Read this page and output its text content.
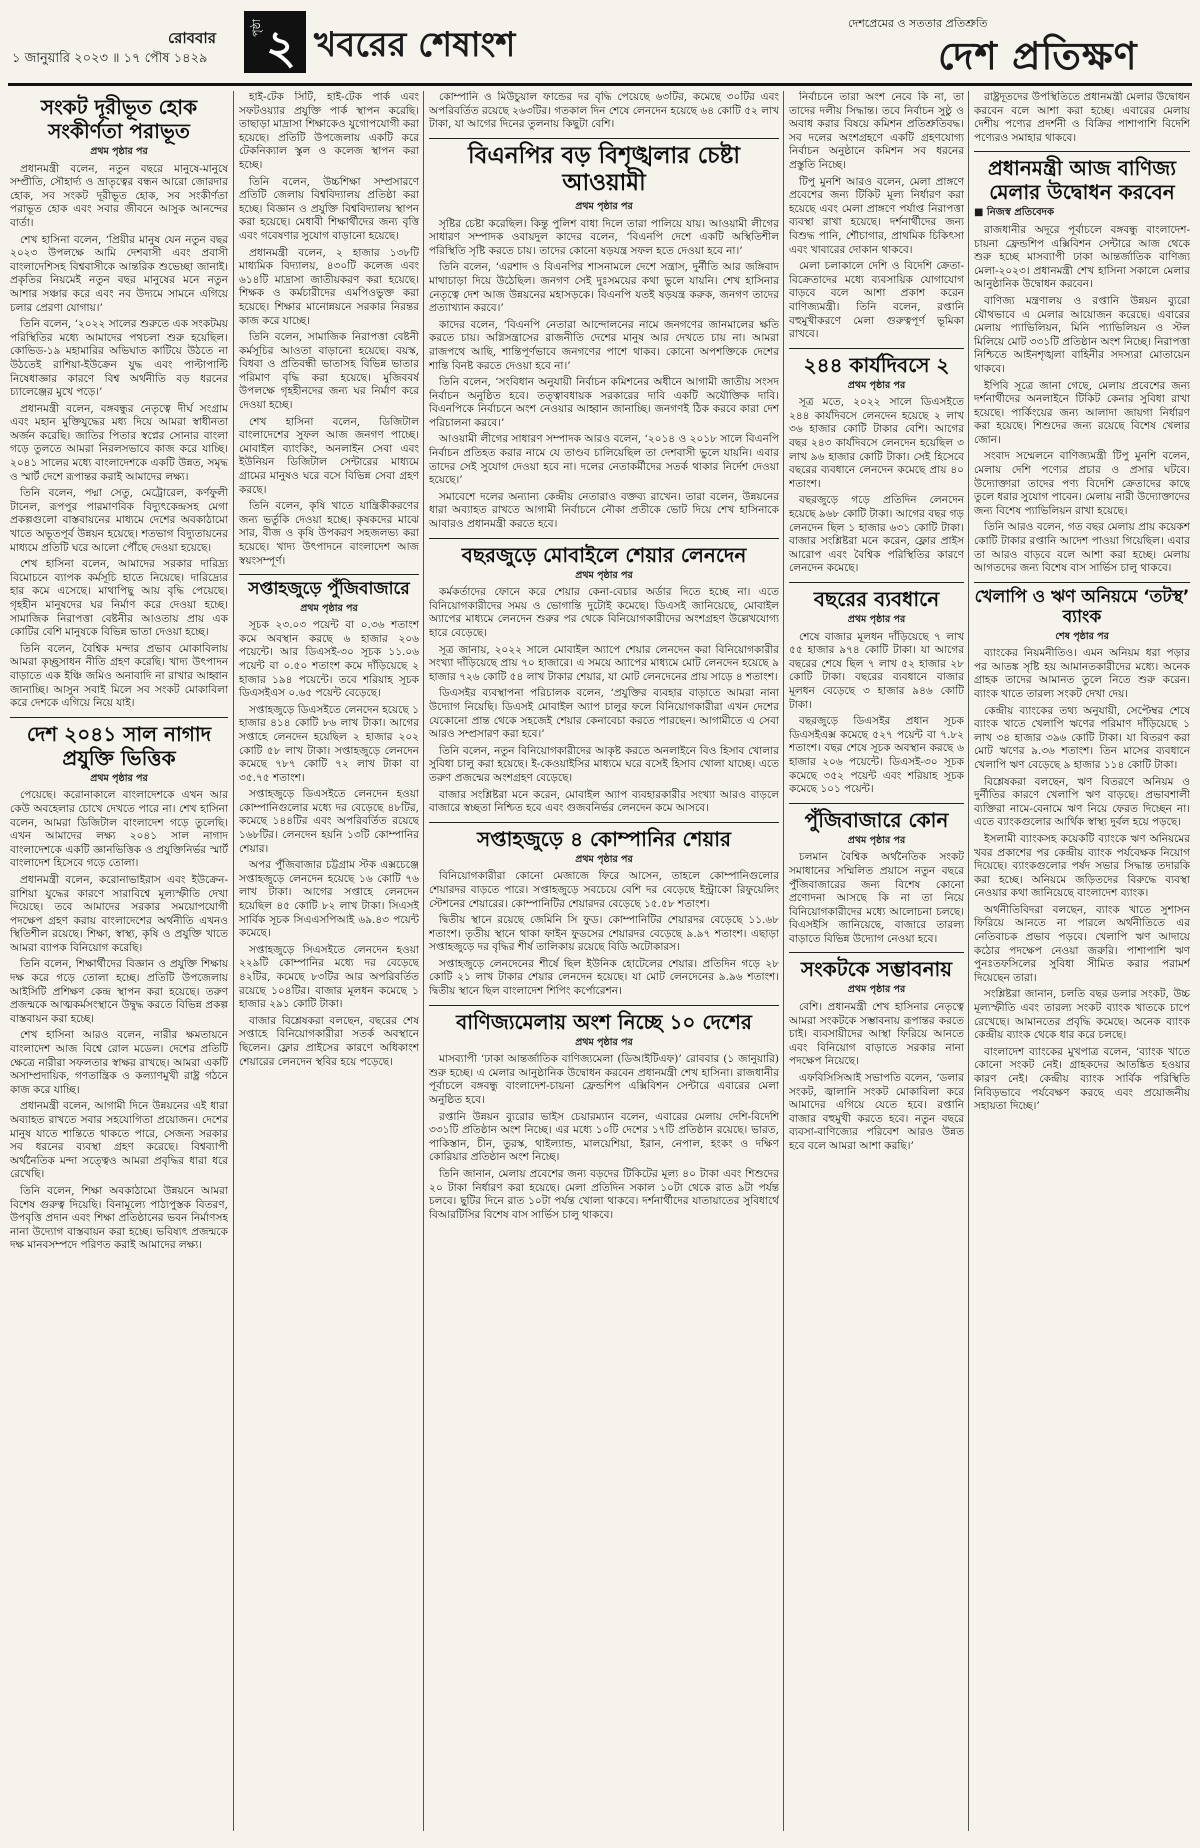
১ জানুয়ারি ২০২৩ ॥ ১৭ পৌষ ১৪২৯
রোববার
পৃষ্ঠা ২ খবরের শেষাংশ
দেশপ্রেমের ও সততার প্রতিশ্রুতি
দেশ প্রতিক্ষণ
সংকট দূরীভূত হোক সংকীর্ণতা পরাভূত
প্রথম পৃষ্ঠার পর

প্রধানমন্ত্রী বলেন, নতুন বছরে মানুষে-মানুষে সম্প্রীতি, সৌহার্দ্য ও ভ্রাতৃত্বের বন্ধন আরো জোরদার হোক, সব সংকট দূরীভূত হোক, সব সংকীর্ণতা পরাভূত হোক এবং সবার জীবনে আসুক আনন্দের বার্তা।

শেখ হাসিনা বলেন, ‘প্রিয়ীর মানুষ যেন নতুন বছর ২০২৩ উপলক্ষে আমি দেশবাসী এবং প্রবাসী বাংলাদেশিসহ বিশ্ববাসীকে আন্তরিক শুভেচ্ছা জানাই। প্রকৃতির নিয়মেই নতুন বছর মানুষের মনে নতুন আশার সঞ্চার করে এবং নব উদ্যমে সামনে এগিয়ে চলার প্রেরণা যোগায়।’

তিনি বলেন, ‘২০২২ সালের শুরুতে এক সংকটময় পরিস্থিতির মধ্যে আমাদের পথচলা শুরু হয়েছিল। কোভিড-১৯ মহামারির অভিঘাত কাটিয়ে উঠতে না উঠতেই রাশিয়া-ইউক্রেন যুদ্ধ এবং পাল্টাপাল্টি নিষেধাজ্ঞার কারণে বিশ্ব অর্থনীতি বড় ধরনের চ্যালেঞ্জের মুখে পড়ে।’

প্রধানমন্ত্রী বলেন, বঙ্গবন্ধুর নেতৃত্বে দীর্ঘ সংগ্রাম এবং মহান মুক্তিযুদ্ধের মধ্য দিয়ে আমরা স্বাধীনতা অর্জন করেছি। জাতির পিতার স্বপ্নের সোনার বাংলা গড়ে তুলতে আমরা নিরলসভাবে কাজ করে যাচ্ছি। ২০৪১ সালের মধ্যে বাংলাদেশকে একটি উন্নত, সমৃদ্ধ ও স্মার্ট দেশে রূপান্তর করাই আমাদের লক্ষ্য।

তিনি বলেন, পদ্মা সেতু, মেট্রোরেল, কর্ণফুলী টানেল, রূপপুর পারমাণবিক বিদ্যুৎকেন্দ্রসহ মেগা প্রকল্পগুলো বাস্তবায়নের মাধ্যমে দেশের অবকাঠামো খাতে অভূতপূর্ব উন্নয়ন হয়েছে। শতভাগ বিদ্যুতায়নের মাধ্যমে প্রতিটি ঘরে আলো পৌঁছে দেওয়া হয়েছে।

শেখ হাসিনা বলেন, আমাদের সরকার দারিদ্র্য বিমোচনে ব্যাপক কর্মসূচি হাতে নিয়েছে। দারিদ্র্যের হার কমে এসেছে। মাথাপিছু আয় বৃদ্ধি পেয়েছে। গৃহহীন মানুষদের ঘর নির্মাণ করে দেওয়া হচ্ছে। সামাজিক নিরাপত্তা বেষ্টনীর আওতায় প্রায় এক কোটির বেশি মানুষকে বিভিন্ন ভাতা দেওয়া হচ্ছে।

তিনি বলেন, বৈশ্বিক মন্দার প্রভাব মোকাবিলায় আমরা কৃচ্ছ্রসাধন নীতি গ্রহণ করেছি। খাদ্য উৎপাদন বাড়াতে এক ইঞ্চি জমিও অনাবাদি না রাখার আহ্বান জানাচ্ছি। আসুন সবাই মিলে সব সংকট মোকাবিলা করে দেশকে এগিয়ে নিয়ে যাই।

দেশ ২০৪১ সাল নাগাদ প্রযুক্তি ভিত্তিক
প্রথম পৃষ্ঠার পর

পেয়েছে। করোনাকালে বাংলাদেশকে এখন আর কেউ অবহেলার চোখে দেখতে পারে না। শেখ হাসিনা বলেন, আমরা ডিজিটাল বাংলাদেশ গড়ে তুলেছি। এখন আমাদের লক্ষ্য ২০৪১ সাল নাগাদ বাংলাদেশকে একটি জ্ঞানভিত্তিক ও প্রযুক্তিনির্ভর স্মার্ট বাংলাদেশ হিসেবে গড়ে তোলা।

প্রধানমন্ত্রী বলেন, করোনাভাইরাস এবং ইউক্রেন-রাশিয়া যুদ্ধের কারণে সারাবিশ্বে মূল্যস্ফীতি দেখা দিয়েছে। তবে আমাদের সরকার সময়োপযোগী পদক্ষেপ গ্রহণ করায় বাংলাদেশের অর্থনীতি এখনও স্থিতিশীল রয়েছে। শিক্ষা, স্বাস্থ্য, কৃষি ও প্রযুক্তি খাতে আমরা ব্যাপক বিনিয়োগ করেছি।

তিনি বলেন, শিক্ষার্থীদের বিজ্ঞান ও প্রযুক্তি শিক্ষায় দক্ষ করে গড়ে তোলা হচ্ছে। প্রতিটি উপজেলায় আইসিটি প্রশিক্ষণ কেন্দ্র স্থাপন করা হয়েছে। তরুণ প্রজন্মকে আত্মকর্মসংস্থানে উদ্বুদ্ধ করতে বিভিন্ন প্রকল্প বাস্তবায়ন করা হচ্ছে।

শেখ হাসিনা আরও বলেন, নারীর ক্ষমতায়নে বাংলাদেশ আজ বিশ্বে রোল মডেল। দেশের প্রতিটি ক্ষেত্রে নারীরা সফলতার স্বাক্ষর রাখছে। আমরা একটি অসাম্প্রদায়িক, গণতান্ত্রিক ও কল্যাণমুখী রাষ্ট্র গঠনে কাজ করে যাচ্ছি।

প্রধানমন্ত্রী বলেন, আগামী দিনে উন্নয়নের এই ধারা অব্যাহত রাখতে সবার সহযোগিতা প্রয়োজন। দেশের মানুষ যাতে শান্তিতে থাকতে পারে, সেজন্য সরকার সব ধরনের ব্যবস্থা গ্রহণ করেছে। বিশ্বব্যাপী অর্থনৈতিক মন্দা সত্ত্বেও আমরা প্রবৃদ্ধির ধারা ধরে রেখেছি।

তিনি বলেন, শিক্ষা অবকাঠামো উন্নয়নে আমরা বিশেষ গুরুত্ব দিয়েছি। বিনামূল্যে পাঠ্যপুস্তক বিতরণ, উপবৃত্তি প্রদান এবং শিক্ষা প্রতিষ্ঠানের ভবন নির্মাণসহ নানা উদ্যোগ বাস্তবায়ন করা হচ্ছে। ভবিষ্যৎ প্রজন্মকে দক্ষ মানবসম্পদে পরিণত করাই আমাদের লক্ষ্য।

হাই-টেক সিটি, হাই-টেক পার্ক এবং সফটওয়্যার প্রযুক্তি পার্ক স্থাপন করেছি। তাছাড়া মাদ্রাসা শিক্ষাকেও যুগোপযোগী করা হয়েছে। প্রতিটি উপজেলায় একটি করে টেকনিক্যাল স্কুল ও কলেজ স্থাপন করা হচ্ছে।

তিনি বলেন, উচ্চশিক্ষা সম্প্রসারণে প্রতিটি জেলায় বিশ্ববিদ্যালয় প্রতিষ্ঠা করা হচ্ছে। বিজ্ঞান ও প্রযুক্তি বিশ্ববিদ্যালয় স্থাপন করা হয়েছে। মেধাবী শিক্ষার্থীদের জন্য বৃত্তি এবং গবেষণার সুযোগ বাড়ানো হয়েছে।

প্রধানমন্ত্রী বলেন, ২ হাজার ১৩৮টি মাধ্যমিক বিদ্যালয়, ৪৩০টি কলেজ এবং ৬১৪টি মাদ্রাসা জাতীয়করণ করা হয়েছে। শিক্ষক ও কর্মচারীদের এমপিওভুক্ত করা হয়েছে। শিক্ষার মানোন্নয়নে সরকার নিরন্তর কাজ করে যাচ্ছে।

তিনি বলেন, সামাজিক নিরাপত্তা বেষ্টনী কর্মসূচির আওতা বাড়ানো হয়েছে। বয়স্ক, বিধবা ও প্রতিবন্ধী ভাতাসহ বিভিন্ন ভাতার পরিমাণ বৃদ্ধি করা হয়েছে। মুজিববর্ষ উপলক্ষে গৃহহীনদের জন্য ঘর নির্মাণ করে দেওয়া হচ্ছে।

শেখ হাসিনা বলেন, ডিজিটাল বাংলাদেশের সুফল আজ জনগণ পাচ্ছে। মোবাইল ব্যাংকিং, অনলাইন সেবা এবং ইউনিয়ন ডিজিটাল সেন্টারের মাধ্যমে গ্রামের মানুষও ঘরে বসে বিভিন্ন সেবা গ্রহণ করছে।

তিনি বলেন, কৃষি খাতে যান্ত্রিকীকরণের জন্য ভর্তুকি দেওয়া হচ্ছে। কৃষকদের মাঝে সার, বীজ ও কৃষি উপকরণ সহজলভ্য করা হয়েছে। খাদ্য উৎপাদনে বাংলাদেশ আজ স্বয়ংসম্পূর্ণ।

সপ্তাহজুড়ে পুঁজিবাজারে
প্রথম পৃষ্ঠার পর

সূচক ২৩.০৩ পয়েন্ট বা ০.৩৬ শতাংশ কমে অবস্থান করছে ৬ হাজার ২০৬ পয়েন্টে। আর ডিএসই-৩০ সূচক ১১.০৬ পয়েন্ট বা ০.৫০ শতাংশ কমে দাঁড়িয়েছে ২ হাজার ১৯৪ পয়েন্টে। তবে শরিয়াহ সূচক ডিএসইএস ০.৬৫ পয়েন্ট বেড়েছে।

সপ্তাহজুড়ে ডিএসইতে লেনদেন হয়েছে ১ হাজার ৪১৪ কোটি ৮৬ লাখ টাকা। আগের সপ্তাহে লেনদেন হয়েছিল ২ হাজার ২০২ কোটি ৫৮ লাখ টাকা। সপ্তাহজুড়ে লেনদেন কমেছে ৭৮৭ কোটি ৭২ লাখ টাকা বা ৩৫.৭৫ শতাংশ।

সপ্তাহজুড়ে ডিএসইতে লেনদেন হওয়া কোম্পানিগুলোর মধ্যে দর বেড়েছে ৪৮টির, কমেছে ১৪৪টির এবং অপরিবর্তিত রয়েছে ১৬৮টির। লেনদেন হয়নি ১৩টি কোম্পানির শেয়ার।

অপর পুঁজিবাজার চট্টগ্রাম স্টক এক্সচেঞ্জে সপ্তাহজুড়ে লেনদেন হয়েছে ১৬ কোটি ৭৬ লাখ টাকা। আগের সপ্তাহে লেনদেন হয়েছিল ৪৫ কোটি ৮২ লাখ টাকা। সিএসই সার্বিক সূচক সিএএসপিআই ৬৯.৪৩ পয়েন্ট কমেছে।

সপ্তাহজুড়ে সিএসইতে লেনদেন হওয়া ২২৯টি কোম্পানির মধ্যে দর বেড়েছে ৪২টির, কমেছে ৮৩টির আর অপরিবর্তিত রয়েছে ১০৪টির। বাজার মূলধন কমেছে ১ হাজার ২৯১ কোটি টাকা।

বাজার বিশ্লেষকরা বলছেন, বছরের শেষ সপ্তাহে বিনিয়োগকারীরা সতর্ক অবস্থানে ছিলেন। ফ্লোর প্রাইসের কারণে অধিকাংশ শেয়ারের লেনদেন স্থবির হয়ে পড়েছে।

কোম্পানি ও মিউচুয়াল ফান্ডের দর বৃদ্ধি পেয়েছে ৬৩টির, কমেছে ৩০টির এবং অপরিবর্তিত রয়েছে ২৬৩টির। গতকাল দিন শেষে লেনদেন হয়েছে ৬৪ কোটি ৫২ লাখ টাকা, যা আগের দিনের তুলনায় কিছুটা বেশি।

বিএনপির বড় বিশৃঙ্খলার চেষ্টা আওয়ামী
প্রথম পৃষ্ঠার পর

সৃষ্টির চেষ্টা করেছিল। কিন্তু পুলিশ বাধা দিলে তারা পালিয়ে যায়। আওয়ামী লীগের সাধারণ সম্পাদক ওবায়দুল কাদের বলেন, ‘বিএনপি দেশে একটি অস্থিতিশীল পরিস্থিতি সৃষ্টি করতে চায়। তাদের কোনো ষড়যন্ত্র সফল হতে দেওয়া হবে না।’

তিনি বলেন, ‘এরশাদ ও বিএনপির শাসনামলে দেশে সন্ত্রাস, দুর্নীতি আর জঙ্গিবাদ মাথাচাড়া দিয়ে উঠেছিল। জনগণ সেই দুঃসময়ের কথা ভুলে যায়নি। শেখ হাসিনার নেতৃত্বে দেশ আজ উন্নয়নের মহাসড়কে। বিএনপি যতই ষড়যন্ত্র করুক, জনগণ তাদের প্রত্যাখ্যান করবে।’

কাদের বলেন, ‘বিএনপি নেতারা আন্দোলনের নামে জনগণের জানমালের ক্ষতি করতে চায়। অগ্নিসন্ত্রাসের রাজনীতি দেশের মানুষ আর দেখতে চায় না। আমরা রাজপথে আছি, শান্তিপূর্ণভাবে জনগণের পাশে থাকব। কোনো অপশক্তিকে দেশের শান্তি বিনষ্ট করতে দেওয়া হবে না।’

তিনি বলেন, ‘সংবিধান অনুযায়ী নির্বাচন কমিশনের অধীনে আগামী জাতীয় সংসদ নির্বাচন অনুষ্ঠিত হবে। তত্ত্বাবধায়ক সরকারের দাবি একটি অযৌক্তিক দাবি। বিএনপিকে নির্বাচনে অংশ নেওয়ার আহ্বান জানাচ্ছি। জনগণই ঠিক করবে কারা দেশ পরিচালনা করবে।’

আওয়ামী লীগের সাধারণ সম্পাদক আরও বলেন, ‘২০১৪ ও ২০১৮ সালে বিএনপি নির্বাচন প্রতিহত করার নামে যে তাণ্ডব চালিয়েছিল তা দেশবাসী ভুলে যায়নি। এবার তাদের সেই সুযোগ দেওয়া হবে না। দলের নেতাকর্মীদের সতর্ক থাকার নির্দেশ দেওয়া হয়েছে।’

সমাবেশে দলের অন্যান্য কেন্দ্রীয় নেতারাও বক্তব্য রাখেন। তারা বলেন, উন্নয়নের ধারা অব্যাহত রাখতে আগামী নির্বাচনে নৌকা প্রতীকে ভোট দিয়ে শেখ হাসিনাকে আবারও প্রধানমন্ত্রী করতে হবে।

বছরজুড়ে মোবাইলে শেয়ার লেনদেন
প্রথম পৃষ্ঠার পর

কর্মকর্তাদের ফোনে করে শেয়ার কেনা-বেচার অর্ডার দিতে হচ্ছে না। এতে বিনিয়োগকারীদের সময় ও ভোগান্তি দুটোই কমেছে। ডিএসই জানিয়েছে, মোবাইল অ্যাপের মাধ্যমে লেনদেন শুরুর পর থেকে বিনিয়োগকারীদের অংশগ্রহণ উল্লেখযোগ্য হারে বেড়েছে।

সূত্র জানায়, ২০২২ সালে মোবাইল অ্যাপে শেয়ার লেনদেন করা বিনিয়োগকারীর সংখ্যা দাঁড়িয়েছে প্রায় ৭০ হাজারে। এ সময়ে অ্যাপের মাধ্যমে মোট লেনদেন হয়েছে ৯ হাজার ৭২৬ কোটি ৫৪ লাখ টাকার শেয়ার, যা মোট লেনদেনের প্রায় সাড়ে ৪ শতাংশ।

ডিএসইর ব্যবস্থাপনা পরিচালক বলেন, ‘প্রযুক্তির ব্যবহার বাড়াতে আমরা নানা উদ্যোগ নিয়েছি। ডিএসই মোবাইল অ্যাপ চালুর ফলে বিনিয়োগকারীরা এখন দেশের যেকোনো প্রান্ত থেকে সহজেই শেয়ার কেনাবেচা করতে পারছেন। আগামীতে এ সেবা আরও সম্প্রসারণ করা হবে।’

তিনি বলেন, নতুন বিনিয়োগকারীদের আকৃষ্ট করতে অনলাইনে বিও হিসাব খোলার সুবিধা চালু করা হয়েছে। ই-কেওয়াইসির মাধ্যমে ঘরে বসেই হিসাব খোলা যাচ্ছে। এতে তরুণ প্রজন্মের অংশগ্রহণ বেড়েছে।

বাজার সংশ্লিষ্টরা মনে করেন, মোবাইল অ্যাপ ব্যবহারকারীর সংখ্যা আরও বাড়লে বাজারে স্বচ্ছতা নিশ্চিত হবে এবং গুজবনির্ভর লেনদেন কমে আসবে।

সপ্তাহজুড়ে ৪ কোম্পানির শেয়ার
প্রথম পৃষ্ঠার পর

বিনিয়োগকারীরা কোনো মেজাজে ফিরে আসেন, তাহলে কোম্পানিগুলোর শেয়ারদর বাড়তে পারে। সপ্তাহজুড়ে সবচেয়ে বেশি দর বেড়েছে ইন্ট্রাকো রিফুয়েলিং স্টেশনের শেয়ারের। কোম্পানিটির শেয়ারদর বেড়েছে ১৫.৫৮ শতাংশ।

দ্বিতীয় স্থানে রয়েছে জেমিনি সি ফুড। কোম্পানিটির শেয়ারদর বেড়েছে ১১.৬৮ শতাংশ। তৃতীয় স্থানে থাকা ফাইন ফুডসের শেয়ারদর বেড়েছে ৯.৯৭ শতাংশ। এছাড়া সপ্তাহজুড়ে দর বৃদ্ধির শীর্ষ তালিকায় রয়েছে বিডি অটোকারস।

সপ্তাহজুড়ে লেনদেনের শীর্ষে ছিল ইউনিক হোটেলের শেয়ার। প্রতিদিন গড়ে ২৮ কোটি ২১ লাখ টাকার শেয়ার লেনদেন হয়েছে। যা মোট লেনদেনের ৯.৯৬ শতাংশ। দ্বিতীয় স্থানে ছিল বাংলাদেশ শিপিং কর্পোরেশন।

বাণিজ্যমেলায় অংশ নিচ্ছে ১০ দেশের
প্রথম পৃষ্ঠার পর

মাসব্যাপী ‘ঢাকা আন্তর্জাতিক বাণিজ্যমেলা (ডিআইটিএফ)’ রোববার (১ জানুয়ারি) শুরু হচ্ছে। এ মেলার আনুষ্ঠানিক উদ্বোধন করবেন প্রধানমন্ত্রী শেখ হাসিনা। রাজধানীর পূর্বাচলে বঙ্গবন্ধু বাংলাদেশ-চায়না ফ্রেন্ডশিপ এক্সিবিশন সেন্টারে এবারের মেলা অনুষ্ঠিত হবে।

রপ্তানি উন্নয়ন ব্যুরোর ভাইস চেয়ারম্যান বলেন, এবারের মেলায় দেশি-বিদেশি ৩৩১টি প্রতিষ্ঠান অংশ নিচ্ছে। এর মধ্যে ১০টি দেশের ১৭টি প্রতিষ্ঠান রয়েছে। ভারত, পাকিস্তান, চীন, তুরস্ক, থাইল্যান্ড, মালয়েশিয়া, ইরান, নেপাল, হংকং ও দক্ষিণ কোরিয়ার প্রতিষ্ঠান অংশ নিচ্ছে।

তিনি জানান, মেলায় প্রবেশের জন্য বড়দের টিকিটের মূল্য ৪০ টাকা এবং শিশুদের ২০ টাকা নির্ধারণ করা হয়েছে। মেলা প্রতিদিন সকাল ১০টা থেকে রাত ৯টা পর্যন্ত চলবে। ছুটির দিনে রাত ১০টা পর্যন্ত খোলা থাকবে। দর্শনার্থীদের যাতায়াতের সুবিধার্থে বিআরটিসির বিশেষ বাস সার্ভিস চালু থাকবে।

নির্বাচনে তারা অংশ নেবে কি না, তা তাদের দলীয় সিদ্ধান্ত। তবে নির্বাচন সুষ্ঠু ও অবাধ করার বিষয়ে কমিশন প্রতিশ্রুতিবদ্ধ। সব দলের অংশগ্রহণে একটি গ্রহণযোগ্য নির্বাচন অনুষ্ঠানে কমিশন সব ধরনের প্রস্তুতি নিচ্ছে।

টিপু মুনশি আরও বলেন, মেলা প্রাঙ্গণে প্রবেশের জন্য টিকিট মূল্য নির্ধারণ করা হয়েছে এবং মেলা প্রাঙ্গণে পর্যাপ্ত নিরাপত্তা ব্যবস্থা রাখা হয়েছে। দর্শনার্থীদের জন্য বিশুদ্ধ পানি, শৌচাগার, প্রাথমিক চিকিৎসা এবং খাবারের দোকান থাকবে।

মেলা চলাকালে দেশি ও বিদেশি ক্রেতা-বিক্রেতাদের মধ্যে ব্যবসায়িক যোগাযোগ বাড়বে বলে আশা প্রকাশ করেন বাণিজ্যমন্ত্রী। তিনি বলেন, রপ্তানি বহুমুখীকরণে মেলা গুরুত্বপূর্ণ ভূমিকা রাখবে।

২৪৪ কার্যদিবসে ২
প্রথম পৃষ্ঠার পর

সূত্র মতে, ২০২২ সালে ডিএসইতে ২৪৪ কার্যদিবসে লেনদেন হয়েছে ২ লাখ ৩৬ হাজার কোটি টাকার বেশি। আগের বছর ২৪৩ কার্যদিবসে লেনদেন হয়েছিল ৩ লাখ ৯৬ হাজার কোটি টাকা। সেই হিসেবে বছরের ব্যবধানে লেনদেন কমেছে প্রায় ৪০ শতাংশ।

বছরজুড়ে গড়ে প্রতিদিন লেনদেন হয়েছে ৯৬৮ কোটি টাকা। আগের বছর গড় লেনদেন ছিল ১ হাজার ৬৩১ কোটি টাকা। বাজার সংশ্লিষ্টরা মনে করেন, ফ্লোর প্রাইস আরোপ এবং বৈশ্বিক পরিস্থিতির কারণে লেনদেন কমেছে।

বছরের ব্যবধানে
প্রথম পৃষ্ঠার পর

শেষে বাজার মূলধন দাঁড়িয়েছে ৭ লাখ ৫৫ হাজার ৯৭৪ কোটি টাকা। যা আগের বছরের শেষে ছিল ৭ লাখ ৫২ হাজার ২৮ কোটি টাকা। বছরের ব্যবধানে বাজার মূলধন বেড়েছে ৩ হাজার ৯৪৬ কোটি টাকা।

বছরজুড়ে ডিএসইর প্রধান সূচক ডিএসইএক্স কমেছে ৫২৭ পয়েন্ট বা ৭.৮২ শতাংশ। বছর শেষে সূচক অবস্থান করছে ৬ হাজার ২০৬ পয়েন্টে। ডিএসই-৩০ সূচক কমেছে ৩৫২ পয়েন্ট এবং শরিয়াহ সূচক কমেছে ১০১ পয়েন্ট।

পুঁজিবাজারে কোন
প্রথম পৃষ্ঠার পর

চলমান বৈশ্বিক অর্থনৈতিক সংকট সমাধানের সম্মিলিত প্রয়াসে নতুন বছরে পুঁজিবাজারের জন্য বিশেষ কোনো প্রণোদনা আসছে কি না তা নিয়ে বিনিয়োগকারীদের মধ্যে আলোচনা চলছে। বিএসইসি জানিয়েছে, বাজারে তারল্য বাড়াতে বিভিন্ন উদ্যোগ নেওয়া হবে।

সংকটকে সম্ভাবনায়
প্রথম পৃষ্ঠার পর

বেশি। প্রধানমন্ত্রী শেখ হাসিনার নেতৃত্বে আমরা সংকটকে সম্ভাবনায় রূপান্তর করতে চাই। ব্যবসায়ীদের আস্থা ফিরিয়ে আনতে এবং বিনিয়োগ বাড়াতে সরকার নানা পদক্ষেপ নিয়েছে।

এফবিসিসিআই সভাপতি বলেন, ‘ডলার সংকট, জ্বালানি সংকট মোকাবিলা করে আমাদের এগিয়ে যেতে হবে। রপ্তানি বাজার বহুমুখী করতে হবে। নতুন বছরে ব্যবসা-বাণিজ্যের পরিবেশ আরও উন্নত হবে বলে আমরা আশা করছি।’

রাষ্ট্রদূতদের উপস্থিতিতে প্রধানমন্ত্রী মেলার উদ্বোধন করবেন বলে আশা করা হচ্ছে। এবারের মেলায় দেশীয় পণ্যের প্রদর্শনী ও বিক্রির পাশাপাশি বিদেশি পণ্যেরও সমাহার থাকবে।

প্রধানমন্ত্রী আজ বাণিজ্য মেলার উদ্বোধন করবেন
■ নিজস্ব প্রতিবেদক

রাজধানীর অদূরে পূর্বাচলে বঙ্গবন্ধু বাংলাদেশ-চায়না ফ্রেন্ডশিপ এক্সিবিশন সেন্টারে আজ থেকে শুরু হচ্ছে মাসব্যাপী ঢাকা আন্তর্জাতিক বাণিজ্য মেলা-২০২৩। প্রধানমন্ত্রী শেখ হাসিনা সকালে মেলার আনুষ্ঠানিক উদ্বোধন করবেন।

বাণিজ্য মন্ত্রণালয় ও রপ্তানি উন্নয়ন ব্যুরো যৌথভাবে এ মেলার আয়োজন করেছে। এবারের মেলায় প্যাভিলিয়ন, মিনি প্যাভিলিয়ন ও স্টল মিলিয়ে মোট ৩৩১টি প্রতিষ্ঠান অংশ নিচ্ছে। নিরাপত্তা নিশ্চিতে আইনশৃঙ্খলা বাহিনীর সদস্যরা মোতায়েন থাকবে।

ইপিবি সূত্রে জানা গেছে, মেলায় প্রবেশের জন্য দর্শনার্থীদের অনলাইনে টিকিট কেনার সুবিধা রাখা হয়েছে। পার্কিংয়ের জন্য আলাদা জায়গা নির্ধারণ করা হয়েছে। শিশুদের জন্য রয়েছে বিশেষ খেলার জোন।

সংবাদ সম্মেলনে বাণিজ্যমন্ত্রী টিপু মুনশি বলেন, মেলায় দেশি পণ্যের প্রচার ও প্রসার ঘটবে। উদ্যোক্তারা তাদের পণ্য বিদেশি ক্রেতাদের কাছে তুলে ধরার সুযোগ পাবেন। মেলায় নারী উদ্যোক্তাদের জন্য বিশেষ প্যাভিলিয়ন রাখা হয়েছে।

তিনি আরও বলেন, গত বছর মেলায় প্রায় কয়েকশ কোটি টাকার রপ্তানি আদেশ পাওয়া গিয়েছিল। এবার তা আরও বাড়বে বলে আশা করা হচ্ছে। মেলায় আগতদের জন্য বিশেষ বাস সার্ভিস চালু থাকবে।

খেলাপি ও ঋণ অনিয়মে ‘তটস্থ’ ব্যাংক
শেষ পৃষ্ঠার পর

ব্যাংকের নিয়মনীতিও। এমন অনিয়ম ধরা পড়ার পর আতঙ্ক সৃষ্টি হয় আমানতকারীদের মধ্যে। অনেক গ্রাহক তাদের আমানত তুলে নিতে শুরু করেন। ব্যাংক খাতে তারল্য সংকট দেখা দেয়।

কেন্দ্রীয় ব্যাংকের তথ্য অনুযায়ী, সেপ্টেম্বর শেষে ব্যাংক খাতে খেলাপি ঋণের পরিমাণ দাঁড়িয়েছে ১ লাখ ৩৪ হাজার ৩৯৬ কোটি টাকা। যা বিতরণ করা মোট ঋণের ৯.৩৬ শতাংশ। তিন মাসের ব্যবধানে খেলাপি ঋণ বেড়েছে ৯ হাজার ১১৪ কোটি টাকা।

বিশ্লেষকরা বলছেন, ঋণ বিতরণে অনিয়ম ও দুর্নীতির কারণে খেলাপি ঋণ বাড়ছে। প্রভাবশালী ব্যক্তিরা নামে-বেনামে ঋণ নিয়ে ফেরত দিচ্ছেন না। এতে ব্যাংকগুলোর আর্থিক স্বাস্থ্য দুর্বল হয়ে পড়ছে।

ইসলামী ব্যাংকসহ কয়েকটি ব্যাংকে ঋণ অনিয়মের খবর প্রকাশের পর কেন্দ্রীয় ব্যাংক পর্যবেক্ষক নিয়োগ দিয়েছে। ব্যাংকগুলোর পর্ষদ সভার সিদ্ধান্ত তদারকি করা হচ্ছে। অনিয়মে জড়িতদের বিরুদ্ধে ব্যবস্থা নেওয়ার কথা জানিয়েছে বাংলাদেশ ব্যাংক।

অর্থনীতিবিদরা বলছেন, ব্যাংক খাতে সুশাসন ফিরিয়ে আনতে না পারলে অর্থনীতিতে এর নেতিবাচক প্রভাব পড়বে। খেলাপি ঋণ আদায়ে কঠোর পদক্ষেপ নেওয়া জরুরি। পাশাপাশি ঋণ পুনঃতফসিলের সুবিধা সীমিত করার পরামর্শ দিয়েছেন তারা।

সংশ্লিষ্টরা জানান, চলতি বছর ডলার সংকট, উচ্চ মূল্যস্ফীতি এবং তারল্য সংকট ব্যাংক খাতকে চাপে রেখেছে। আমানতের প্রবৃদ্ধি কমেছে। অনেক ব্যাংক কেন্দ্রীয় ব্যাংক থেকে ধার করে চলছে।

বাংলাদেশ ব্যাংকের মুখপাত্র বলেন, ‘ব্যাংক খাতে কোনো সংকট নেই। গ্রাহকদের আতঙ্কিত হওয়ার কারণ নেই। কেন্দ্রীয় ব্যাংক সার্বিক পরিস্থিতি নিবিড়ভাবে পর্যবেক্ষণ করছে এবং প্রয়োজনীয় সহায়তা দিচ্ছে।’
